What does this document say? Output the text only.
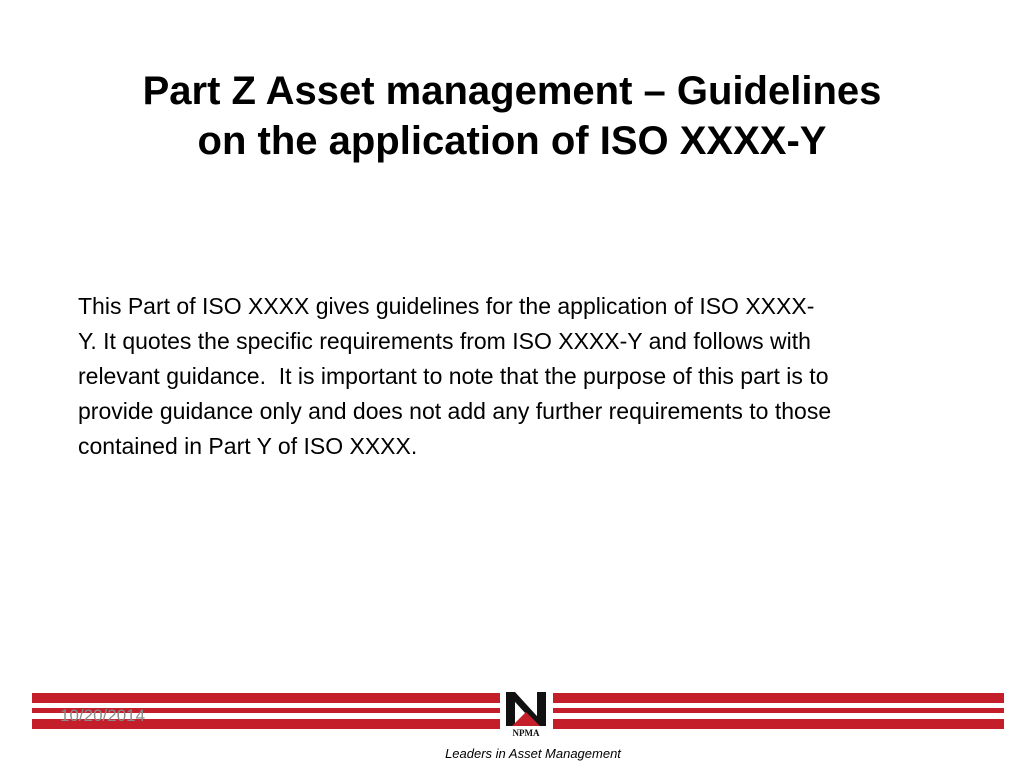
Part Z Asset management – Guidelines
on the application of ISO XXXX-Y

This Part of ISO XXXX gives guidelines for the application of ISO XXXX-
Y. It quotes the specific requirements from ISO XXXX-Y and follows with
relevant guidance.  It is important to note that the purpose of this part is to
provide guidance only and does not add any further requirements to those
contained in Part Y of ISO XXXX.

10/20/2014
NPMA
Leaders in Asset Management
